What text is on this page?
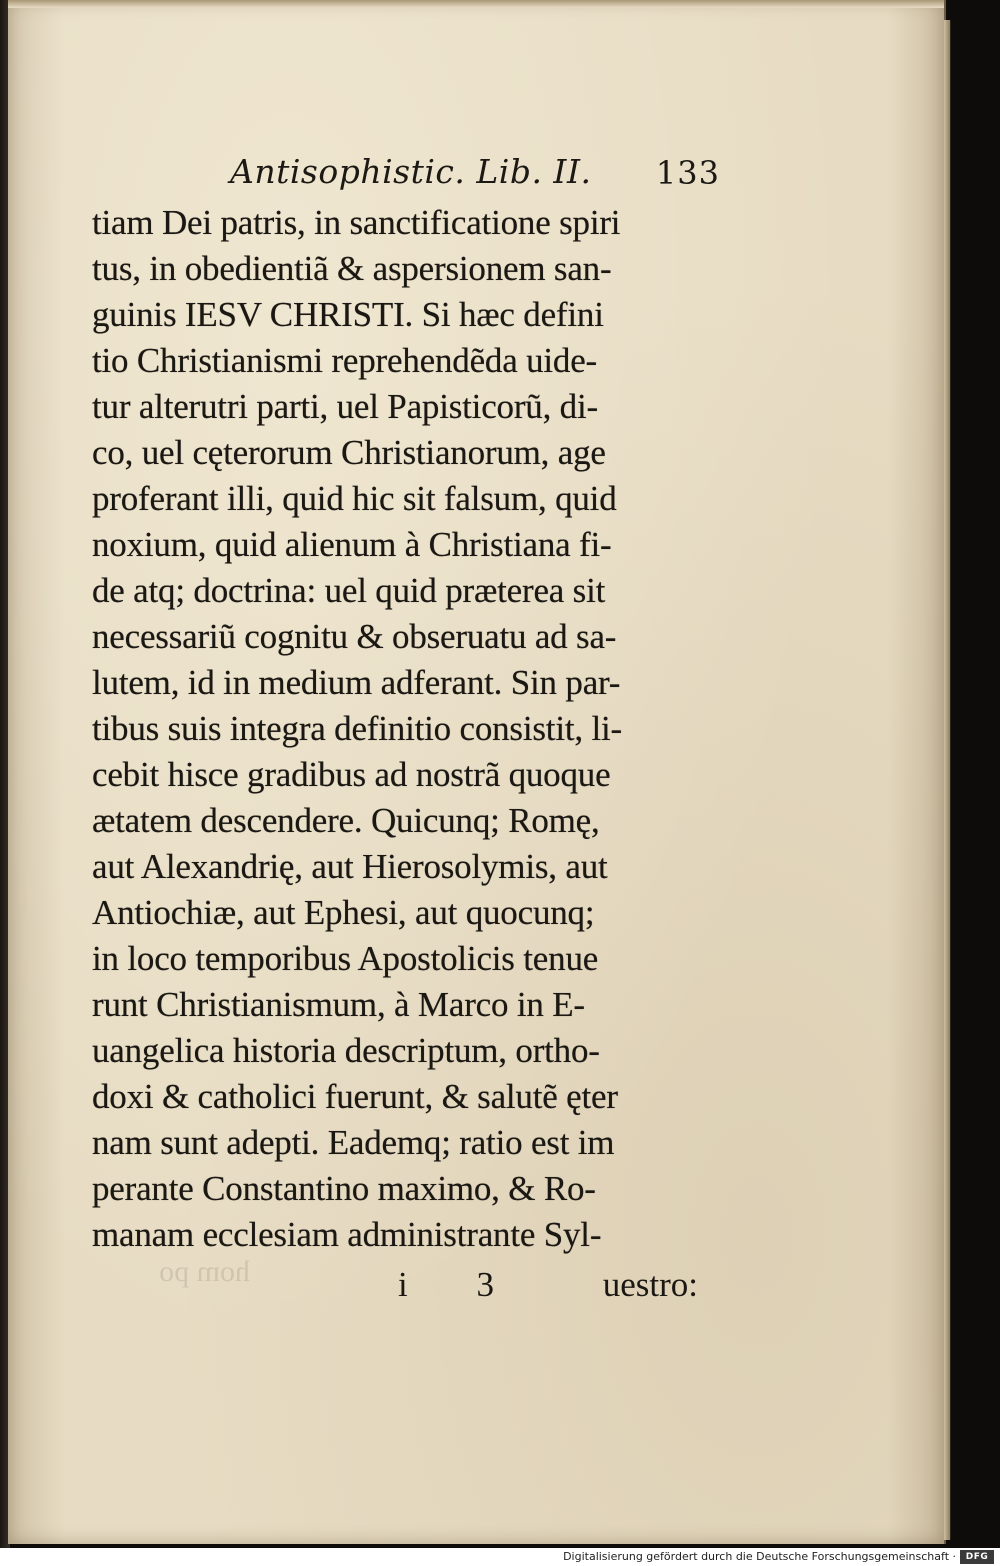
hom po
Antisophistic. Lib. II. 133
tiam Dei patris, in sanctificatione spiri
tus, in obedientiã & aspersionem san-
guinis IESV CHRISTI. Si hæc defini
tio Christianismi reprehendẽda uide-
tur alterutri parti, uel Papisticorũ, di-
co, uel cęterorum Christianorum, age
proferant illi, quid hic sit falsum, quid
noxium, quid alienum à Christiana fi-
de atq; doctrina: uel quid præterea sit
necessariũ cognitu & obseruatu ad sa-
lutem, id in medium adferant. Sin par-
tibus suis integra definitio consistit, li-
cebit hisce gradibus ad nostrã quoque
ætatem descendere. Quicunq; Romę,
aut Alexandrię, aut Hierosolymis, aut
Antiochiæ, aut Ephesi, aut quocunq;
in loco temporibus Apostolicis tenue
runt Christianismum, à Marco in E-
uangelica historia descriptum, ortho-
doxi & catholici fuerunt, & salutẽ ęter
nam sunt adepti. Eademq; ratio est im
perante Constantino maximo, & Ro-
manam ecclesiam administrante Syl-
i 3 uestro:
Digitalisierung gefördert durch die Deutsche Forschungsgemeinschaft ·	DFG
